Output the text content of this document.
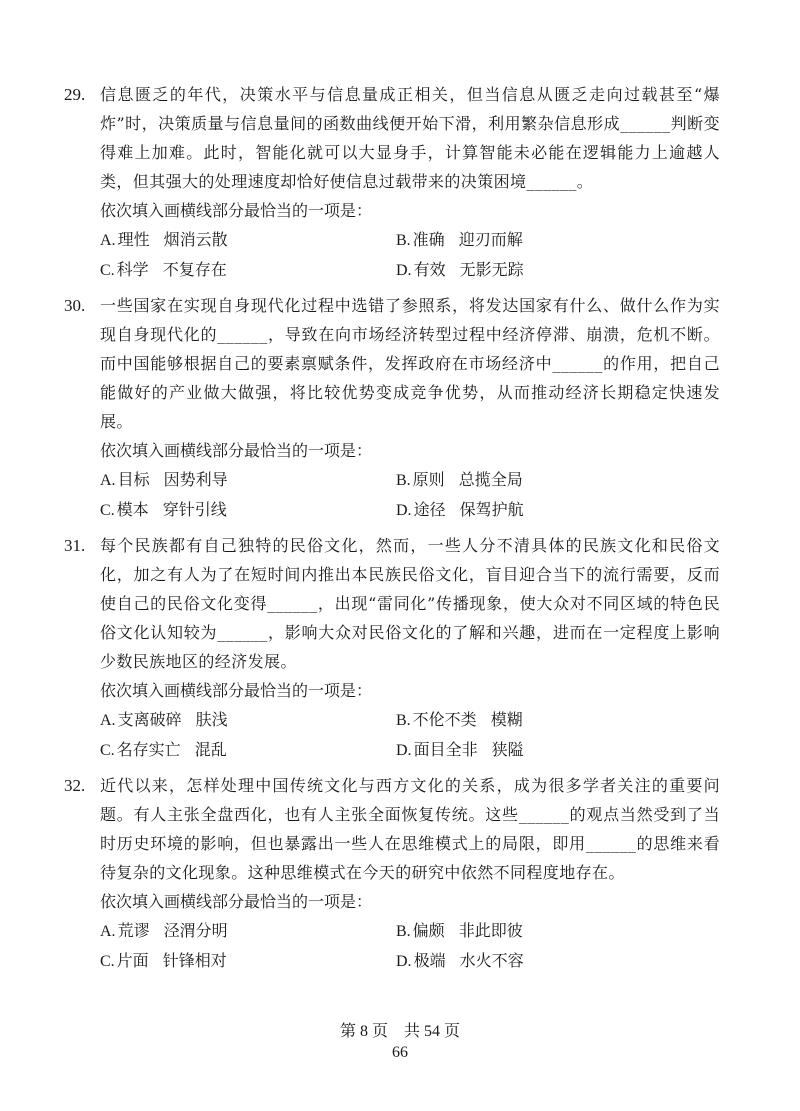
29. 信息匮乏的年代，决策水平与信息量成正相关，但当信息从匮乏走向过载甚至“爆炸”时，决策质量与信息量间的函数曲线便开始下滑，利用繁杂信息形成______判断变得难上加难。此时，智能化就可以大显身手，计算智能未必能在逻辑能力上逾越人类，但其强大的处理速度却恰好使信息过载带来的决策困境______。

依次填入画横线部分最恰当的一项是：

A. 理性 烟消云散	B. 准确 迎刃而解
C. 科学 不复存在	D. 有效 无影无踪
30. 一些国家在实现自身现代化过程中选错了参照系，将发达国家有什么、做什么作为实现自身现代化的______，导致在向市场经济转型过程中经济停滞、崩溃，危机不断。而中国能够根据自己的要素禀赋条件，发挥政府在市场经济中______的作用，把自己能做好的产业做大做强，将比较优势变成竞争优势，从而推动经济长期稳定快速发展。

依次填入画横线部分最恰当的一项是：

A. 目标 因势利导	B. 原则 总揽全局
C. 模本 穿针引线	D. 途径 保驾护航
31. 每个民族都有自己独特的民俗文化，然而，一些人分不清具体的民族文化和民俗文化，加之有人为了在短时间内推出本民族民俗文化，盲目迎合当下的流行需要，反而使自己的民俗文化变得______，出现“雷同化”传播现象，使大众对不同区域的特色民俗文化认知较为______，影响大众对民俗文化的了解和兴趣，进而在一定程度上影响少数民族地区的经济发展。

依次填入画横线部分最恰当的一项是：

A. 支离破碎 肤浅	B. 不伦不类 模糊
C. 名存实亡 混乱	D. 面目全非 狭隘
32. 近代以来，怎样处理中国传统文化与西方文化的关系，成为很多学者关注的重要问题。有人主张全盘西化，也有人主张全面恢复传统。这些______的观点当然受到了当时历史环境的影响，但也暴露出一些人在思维模式上的局限，即用______的思维来看待复杂的文化现象。这种思维模式在今天的研究中依然不同程度地存在。

依次填入画横线部分最恰当的一项是：

A. 荒谬 泾渭分明	B. 偏颇 非此即彼
C. 片面 针锋相对	D. 极端 水火不容
第 8 页　共 54 页
66
